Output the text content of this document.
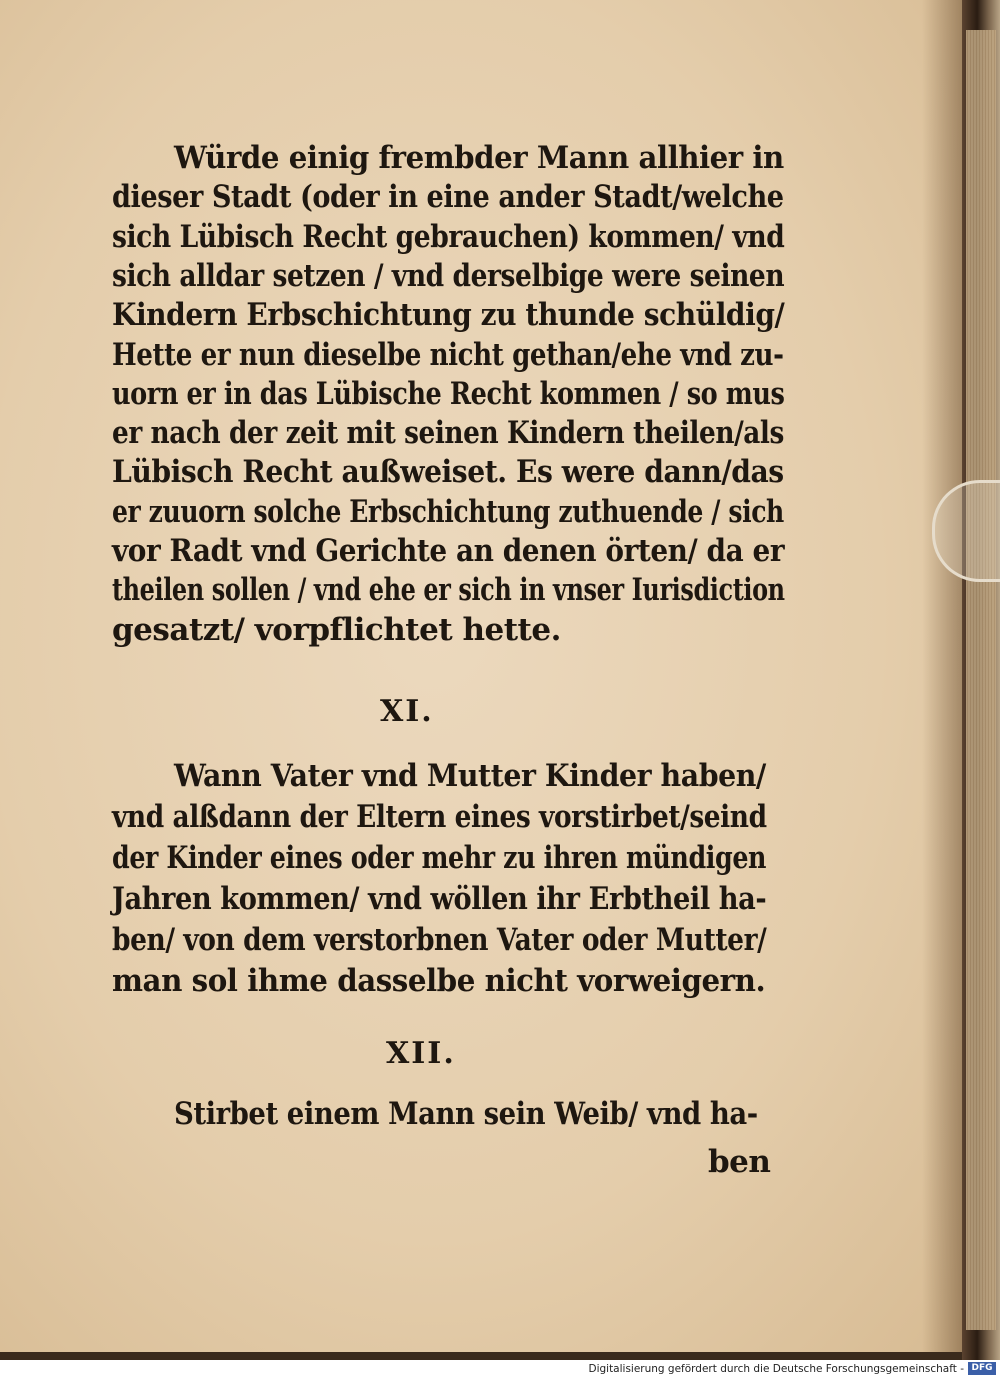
Würde einig frembder Mann allhier in
dieser Stadt (oder in eine ander Stadt/welche
sich Lübisch Recht gebrauchen) kommen/ vnd
sich alldar setzen / vnd derselbige were seinen
Kindern Erbschichtung zu thunde schüldig/
Hette er nun dieselbe nicht gethan/ehe vnd zu-
uorn er in das Lübische Recht kommen / so mus
er nach der zeit mit seinen Kindern theilen/als
Lübisch Recht außweiset. Es were dann/das
er zuuorn solche Erbschichtung zuthuende / sich
vor Radt vnd Gerichte an denen örten/ da er
theilen sollen / vnd ehe er sich in vnser Iurisdiction
gesatzt/ vorpflichtet hette.
XI.
Wann Vater vnd Mutter Kinder haben/
vnd alßdann der Eltern eines vorstirbet/seind
der Kinder eines oder mehr zu ihren mündigen
Jahren kommen/ vnd wöllen ihr Erbtheil ha-
ben/ von dem verstorbnen Vater oder Mutter/
man sol ihme dasselbe nicht vorweigern.
XII.
Stirbet einem Mann sein Weib/ vnd ha-
ben
Digitalisierung gefördert durch die Deutsche Forschungsgemeinschaft - DFG
